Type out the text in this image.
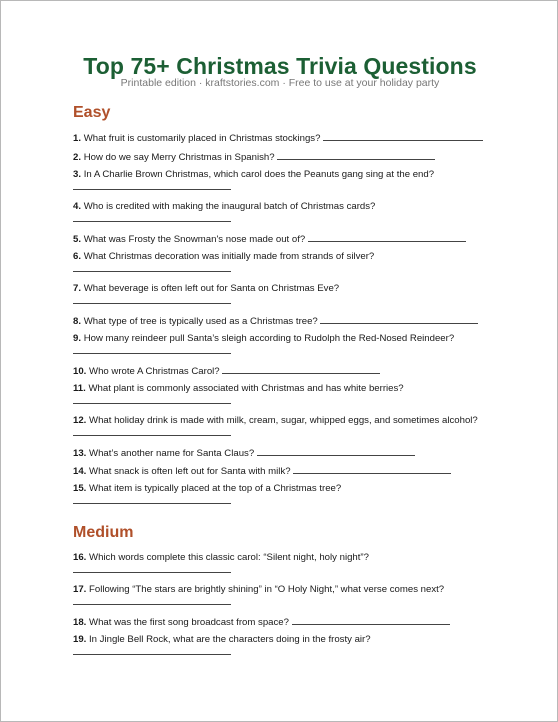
Top 75+ Christmas Trivia Questions
Printable edition · kraftstories.com · Free to use at your holiday party
Easy
1. What fruit is customarily placed in Christmas stockings?
2. How do we say Merry Christmas in Spanish?
3. In A Charlie Brown Christmas, which carol does the Peanuts gang sing at the end?
4. Who is credited with making the inaugural batch of Christmas cards?
5. What was Frosty the Snowman's nose made out of?
6. What Christmas decoration was initially made from strands of silver?
7. What beverage is often left out for Santa on Christmas Eve?
8. What type of tree is typically used as a Christmas tree?
9. How many reindeer pull Santa’s sleigh according to Rudolph the Red-Nosed Reindeer?
10. Who wrote A Christmas Carol?
11. What plant is commonly associated with Christmas and has white berries?
12. What holiday drink is made with milk, cream, sugar, whipped eggs, and sometimes alcohol?
13. What’s another name for Santa Claus?
14. What snack is often left out for Santa with milk?
15. What item is typically placed at the top of a Christmas tree?
Medium
16. Which words complete this classic carol: “Silent night, holy night”?
17. Following “The stars are brightly shining” in “O Holy Night,” what verse comes next?
18. What was the first song broadcast from space?
19. In Jingle Bell Rock, what are the characters doing in the frosty air?
